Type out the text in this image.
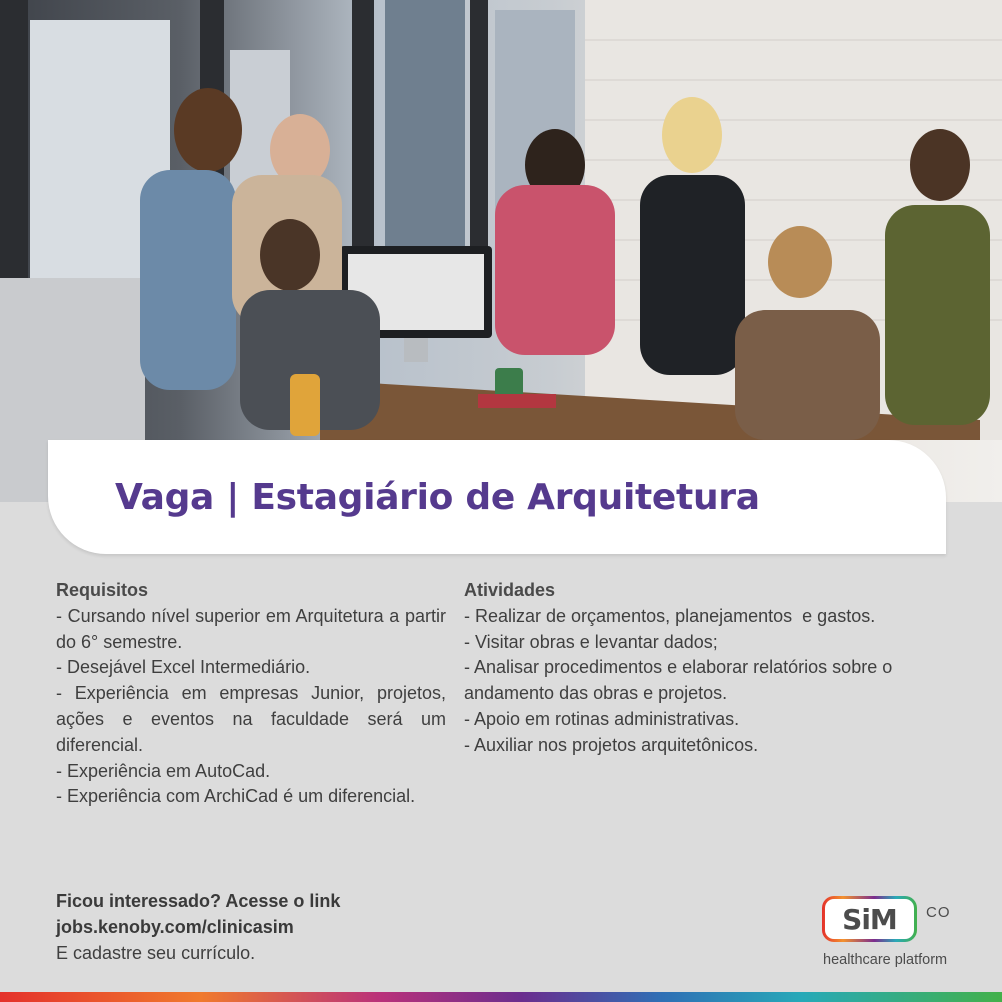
Vaga | Estagiário de Arquitetura
Requisitos
- Cursando nível superior em Arquitetura a partir do 6° semestre.
- Desejável Excel Intermediário.
- Experiência em empresas Junior, projetos, ações e eventos na faculdade será um diferencial.
- Experiência em AutoCad.
- Experiência com ArchiCad é um diferencial.
Atividades
- Realizar de orçamentos, planejamentos  e gastos.
- Visitar obras e levantar dados;
- Analisar procedimentos e elaborar relatórios sobre o andamento das obras e projetos.
- Apoio em rotinas administrativas.
- Auxiliar nos projetos arquitetônicos.
Ficou interessado? Acesse o link
jobs.kenoby.com/clinicasim
E cadastre seu currículo.
SiM CO
healthcare platform
